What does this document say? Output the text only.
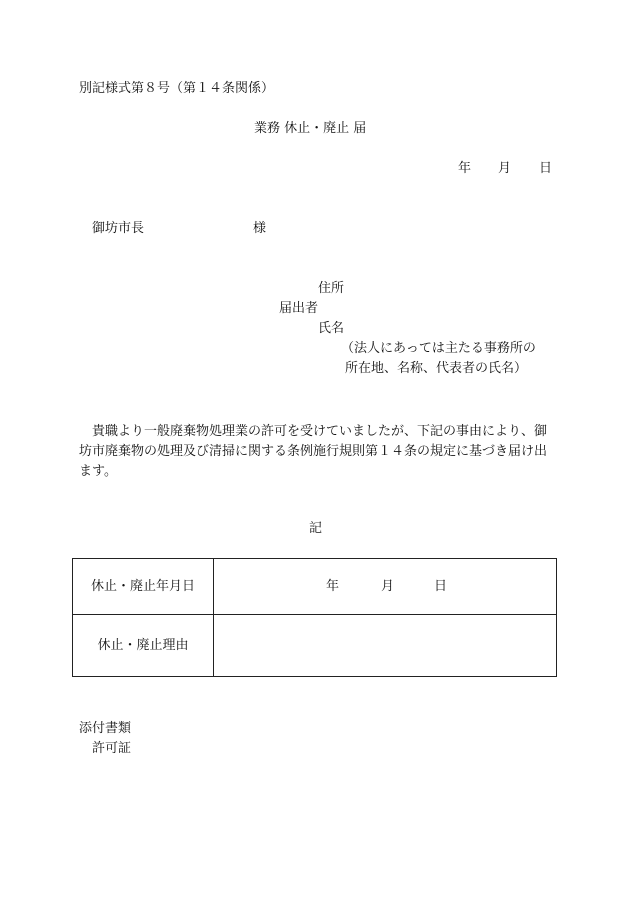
別記様式第８号（第１４条関係）
業務 休止・廃止 届
年 月 日
御坊市長	様
住所
届出者
氏名
（法人にあっては主たる事務所の
所在地、名称、代表者の氏名）
貴職より一般廃棄物処理業の許可を受けていましたが、下記の事由により、御坊市廃棄物の処理及び清掃に関する条例施行規則第１４条の規定に基づき届け出ます。
記
休止・廃止年月日	年 月 日

休止・廃止理由	
添付書類
許可証
